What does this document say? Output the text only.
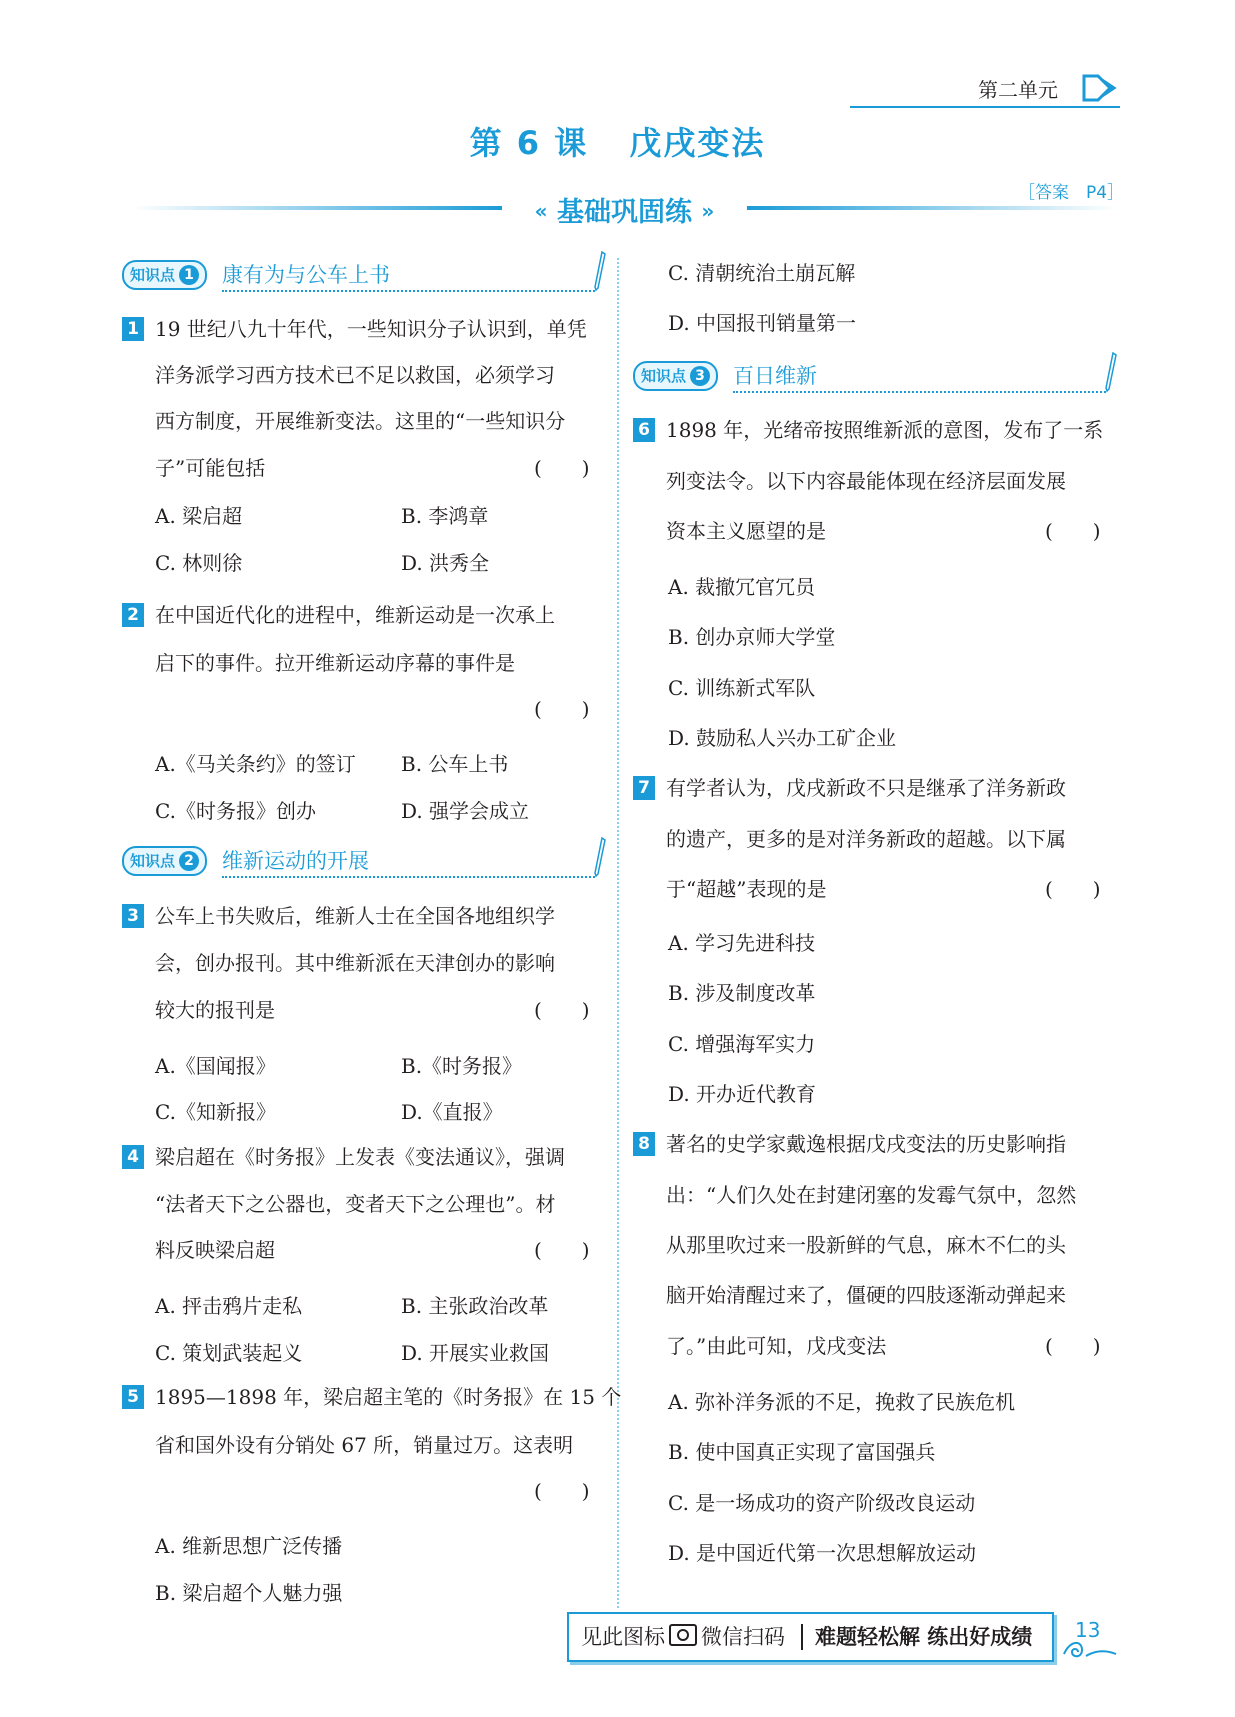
第二单元
第 6 课 戊戌变法
［答案　P4］
« 基础巩固练 »
知识点 1	康有为与公车上书
1 19 世纪八九十年代，一些知识分子认识到，单凭
洋务派学习西方技术已不足以救国，必须学习
西方制度，开展维新变法。这里的“一些知识分
子”可能包括	(　　)
A. 梁启超	B. 李鸿章
C. 林则徐	D. 洪秀全
2 在中国近代化的进程中，维新运动是一次承上
启下的事件。拉开维新运动序幕的事件是
(　　)
A.《马关条约》的签订 B. 公车上书
C.《时务报》创办	D. 强学会成立
知识点 2	维新运动的开展
3 公车上书失败后，维新人士在全国各地组织学
会，创办报刊。其中维新派在天津创办的影响
较大的报刊是	(　　)
A.《国闻报》	B.《时务报》
C.《知新报》	D.《直报》
4 梁启超在《时务报》上发表《变法通议》，强调
“法者天下之公器也，变者天下之公理也”。材
料反映梁启超	(　　)
A. 抨击鸦片走私	B. 主张政治改革
C. 策划武装起义	D. 开展实业救国
5 1895—1898 年，梁启超主笔的《时务报》在 15 个
省和国外设有分销处 67 所，销量过万。这表明
(　　)
A. 维新思想广泛传播
B. 梁启超个人魅力强
C. 清朝统治土崩瓦解
D. 中国报刊销量第一
知识点 3	百日维新
6 1898 年，光绪帝按照维新派的意图，发布了一系
列变法令。以下内容最能体现在经济层面发展
资本主义愿望的是	(　　)
A. 裁撤冗官冗员
B. 创办京师大学堂
C. 训练新式军队
D. 鼓励私人兴办工矿企业
7 有学者认为，戊戌新政不只是继承了洋务新政
的遗产，更多的是对洋务新政的超越。以下属
于“超越”表现的是	(　　)
A. 学习先进科技
B. 涉及制度改革
C. 增强海军实力
D. 开办近代教育
8 著名的史学家戴逸根据戊戌变法的历史影响指
出：“人们久处在封建闭塞的发霉气氛中，忽然
从那里吹过来一股新鲜的气息，麻木不仁的头
脑开始清醒过来了，僵硬的四肢逐渐动弹起来
了。”由此可知，戊戌变法	(　　)
A. 弥补洋务派的不足，挽救了民族危机
B. 使中国真正实现了富国强兵
C. 是一场成功的资产阶级改良运动
D. 是中国近代第一次思想解放运动
见此图标 微信扫码 难题轻松解 练出好成绩 13
